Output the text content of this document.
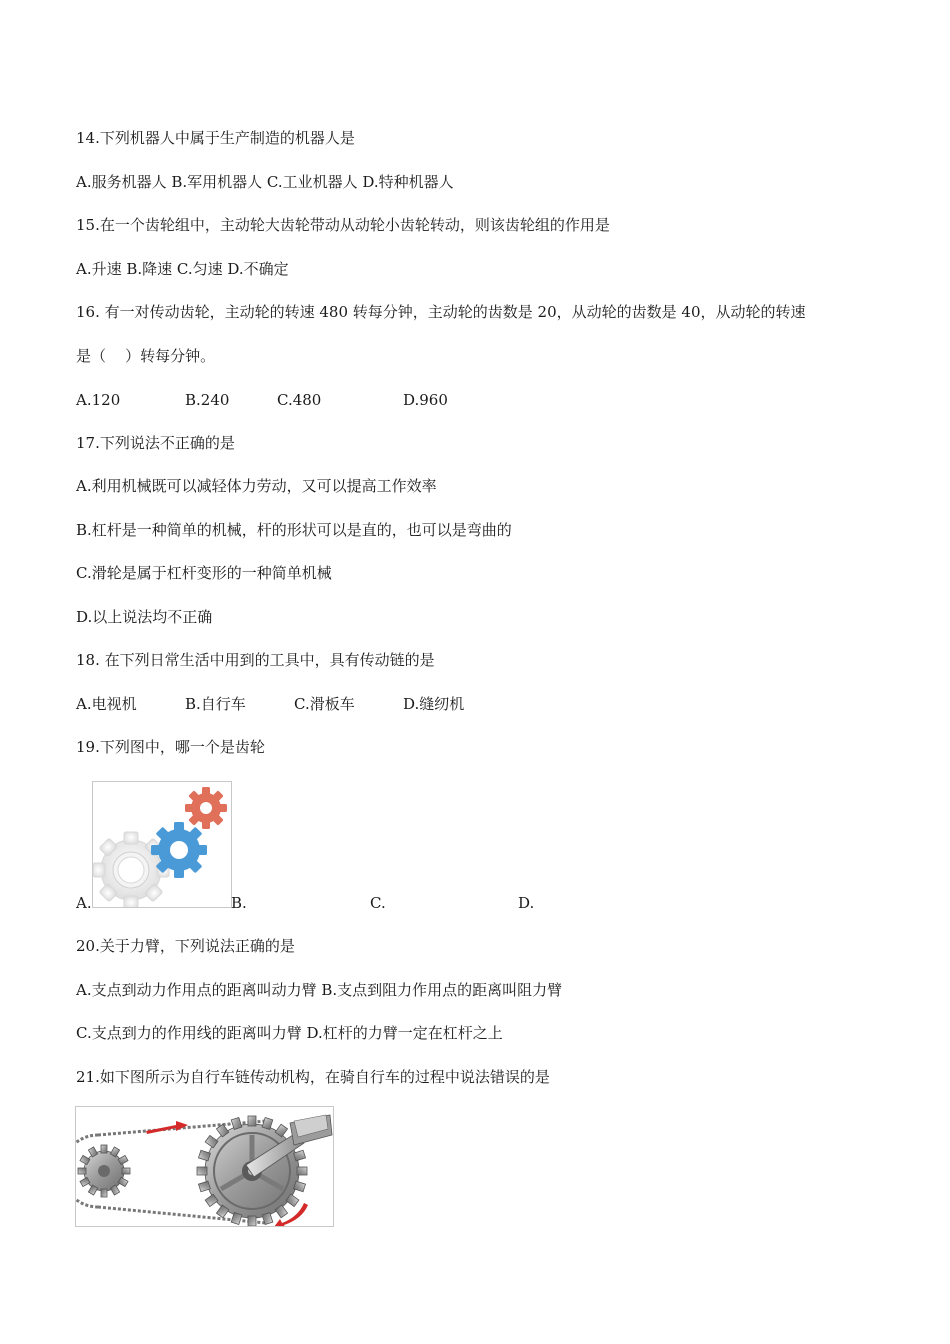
14.下列机器人中属于生产制造的机器人是
A.服务机器人 B.军用机器人 C.工业机器人 D.特种机器人
15.在一个齿轮组中，主动轮大齿轮带动从动轮小齿轮转动，则该齿轮组的作用是
A.升速 B.降速 C.匀速 D.不确定
16. 有一对传动齿轮，主动轮的转速 480 转每分钟，主动轮的齿数是 20，从动轮的齿数是 40，从动轮的转速
是（    ）转每分钟。
A.120	B.240	C.480	D.960
17.下列说法不正确的是
A.利用机械既可以减轻体力劳动，又可以提高工作效率
B.杠杆是一种简单的机械，杆的形状可以是直的，也可以是弯曲的
C.滑轮是属于杠杆变形的一种简单机械
D.以上说法均不正确
18. 在下列日常生活中用到的工具中，具有传动链的是
A.电视机	B.自行车	C.滑板车	D.缝纫机
19.下列图中，哪一个是齿轮
A.	B.	C.	D.
20.关于力臂，下列说法正确的是
A.支点到动力作用点的距离叫动力臂 B.支点到阻力作用点的距离叫阻力臂
C.支点到力的作用线的距离叫力臂 D.杠杆的力臂一定在杠杆之上
21.如下图所示为自行车链传动机构，在骑自行车的过程中说法错误的是
